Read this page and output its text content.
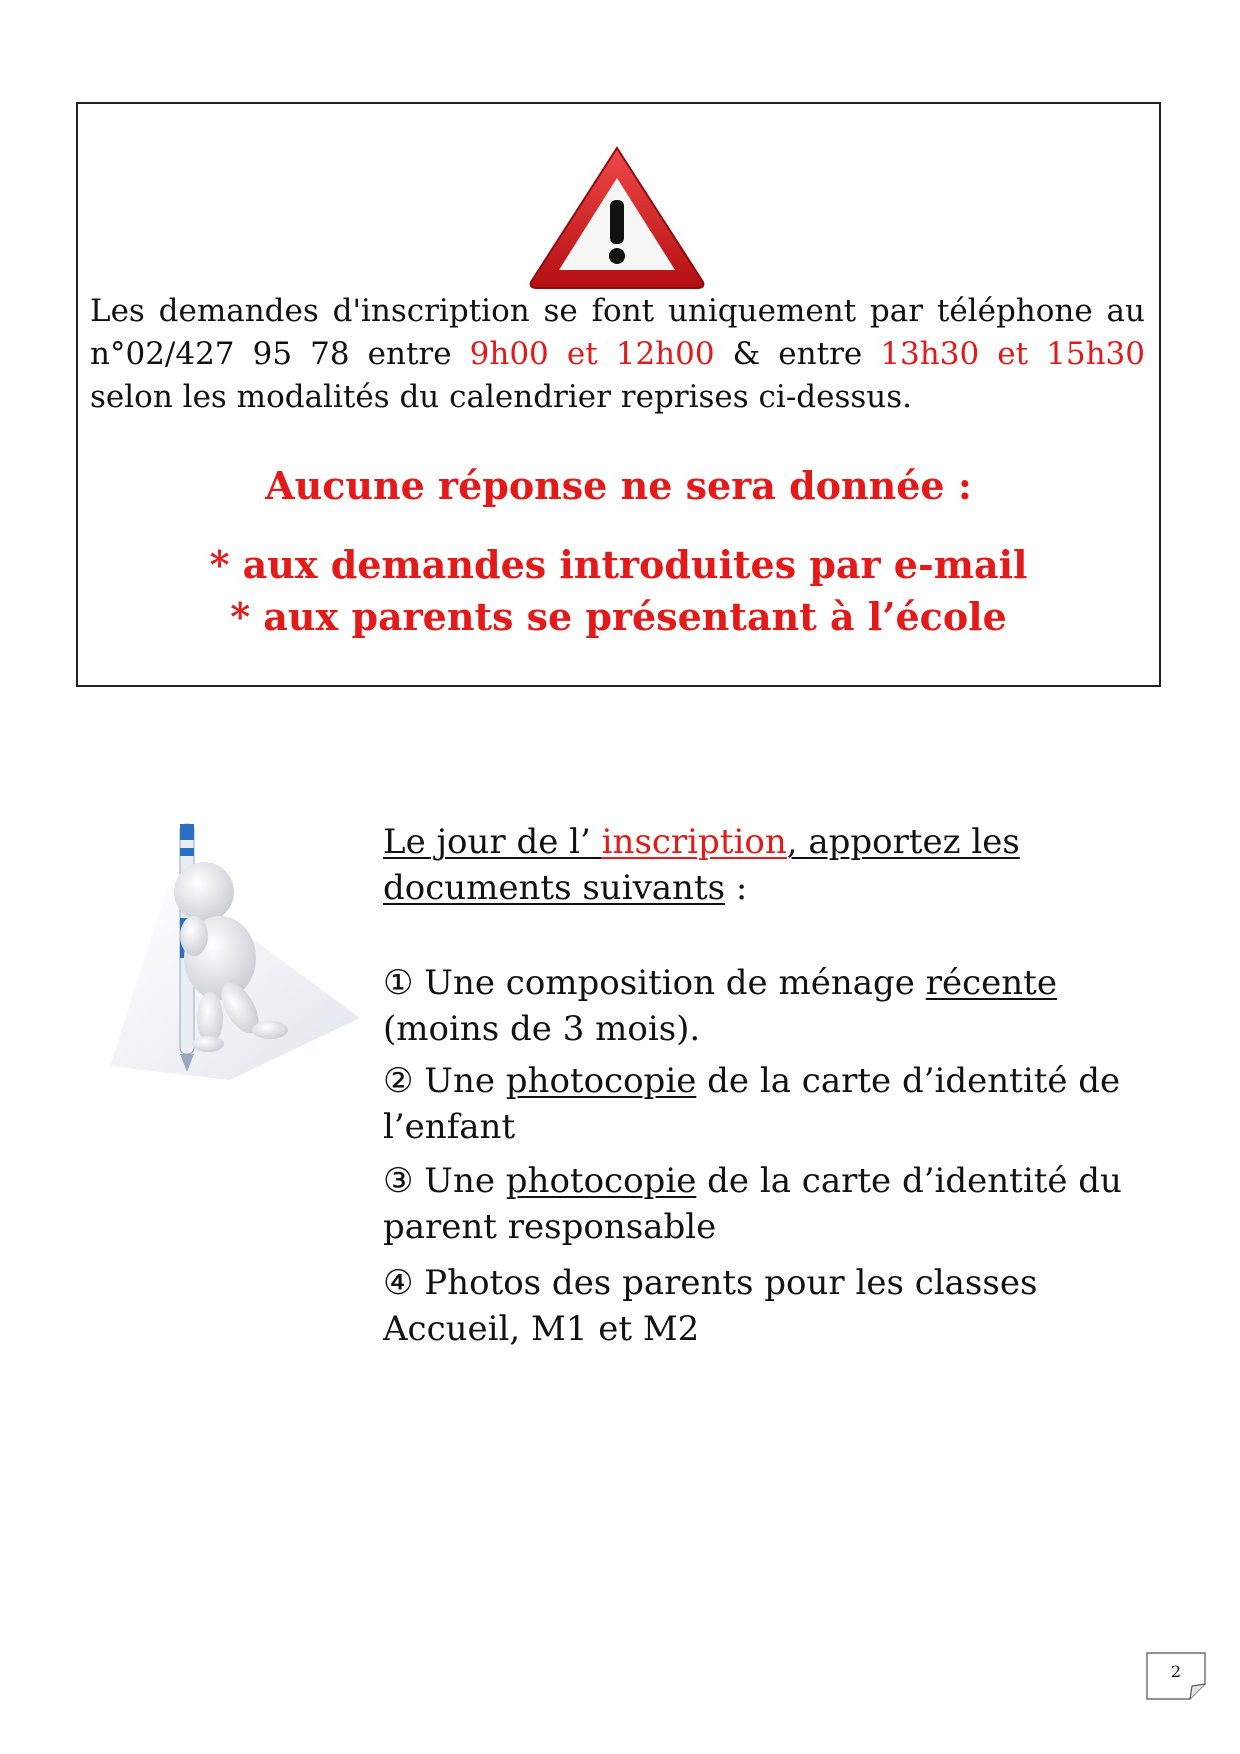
Les demandes d'inscription se font uniquement par téléphone au n°02/427 95 78 entre 9h00 et 12h00 & entre 13h30 et 15h30 selon les modalités du calendrier reprises ci-dessus.

Aucune réponse ne sera donnée :

* aux demandes introduites par e-mail

* aux parents se présentant à l’école

Le jour de l’ inscription, apportez les documents suivants :

① Une composition de ménage récente (moins de 3 mois).

② Une photocopie de la carte d’identité de l’enfant

③ Une photocopie de la carte d’identité du parent responsable

④ Photos des parents pour les classes Accueil, M1 et M2

2
